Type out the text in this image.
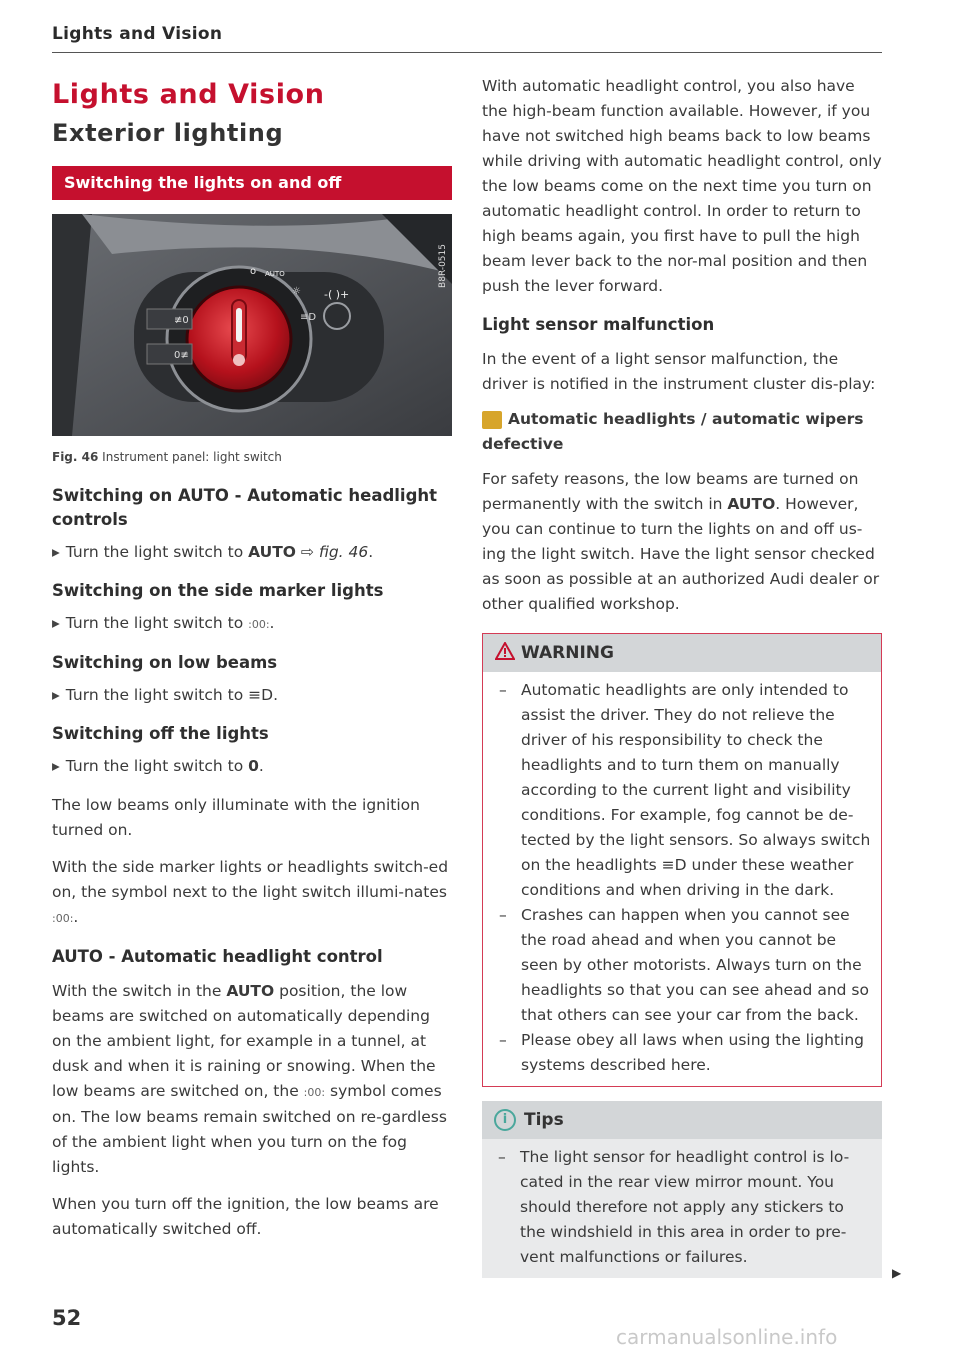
Lights and Vision
Lights and Vision
Exterior lighting
Switching the lights on and off
≢0
0≢
o AUTO
☼
≡D
-( )+
B8R-0515
Fig. 46 Instrument panel: light switch
Switching on AUTO - Automatic headlight controls

▸ Turn the light switch to AUTO ⇨ fig. 46.

Switching on the side marker lights

▸ Turn the light switch to :00:.

Switching on low beams

▸ Turn the light switch to ≡D.

Switching off the lights

▸ Turn the light switch to 0.

The low beams only illuminate with the ignition turned on.

With the side marker lights or headlights switch-ed on, the symbol next to the light switch illumi-nates :00:.

AUTO - Automatic headlight control

With the switch in the AUTO position, the low beams are switched on automatically depending on the ambient light, for example in a tunnel, at dusk and when it is raining or snowing. When the low beams are switched on, the :00: symbol comes on. The low beams remain switched on re-gardless of the ambient light when you turn on the fog lights.

When you turn off the ignition, the low beams are automatically switched off.

With automatic headlight control, you also have the high-beam function available. However, if you have not switched high beams back to low beams while driving with automatic headlight control, only the low beams come on the next time you turn on automatic headlight control. In order to return to high beams again, you first have to pull the high beam lever back to the nor-mal position and then push the lever forward.

Light sensor malfunction

In the event of a light sensor malfunction, the driver is notified in the instrument cluster dis-play:

Automatic headlights / automatic wipers defective

For safety reasons, the low beams are turned on permanently with the switch in AUTO. However, you can continue to turn the lights on and off us-ing the light switch. Have the light sensor checked as soon as possible at an authorized Audi dealer or other qualified workshop.

WARNING
– Automatic headlights are only intended to assist the driver. They do not relieve the driver of his responsibility to check the headlights and to turn them on manually according to the current light and visibility conditions. For example, fog cannot be de-tected by the light sensors. So always switch on the headlights ≡D under these weather conditions and when driving in the dark.
– Crashes can happen when you cannot see the road ahead and when you cannot be seen by other motorists. Always turn on the headlights so that you can see ahead and so that others can see your car from the back.
– Please obey all laws when using the lighting systems described here.
i Tips
– The light sensor for headlight control is lo-cated in the rear view mirror mount. You should therefore not apply any stickers to the windshield in this area in order to pre-vent malfunctions or failures.
▶
52
carmanualsonline.info
